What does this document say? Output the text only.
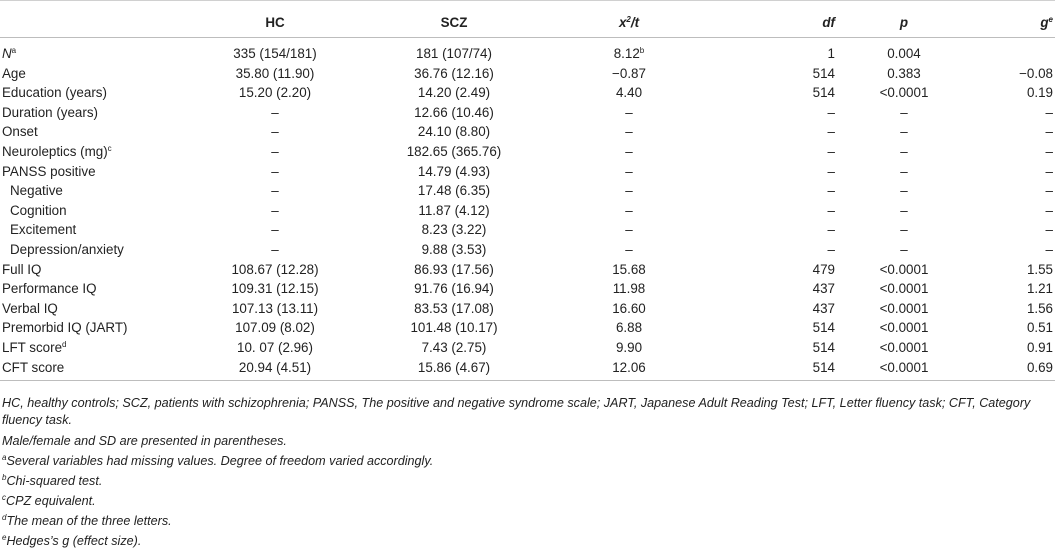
	HC	SCZ	$x^2/t$	df	p	$g^e$
$N^a$	335 (154/181)	181 (107/74)	8.12$^b$	1	0.004	
Age	35.80 (11.90)	36.76 (12.16)	−0.87	514	0.383	−0.08
Education (years)	15.20 (2.20)	14.20 (2.49)	4.40	514	<0.0001	0.19
Duration (years)	–	12.66 (10.46)	–	–	–	–
Onset	–	24.10 (8.80)	–	–	–	–
Neuroleptics (mg)$^c$	–	182.65 (365.76)	–	–	–	–
PANSS positive	–	14.79 (4.93)	–	–	–	–
Negative	–	17.48 (6.35)	–	–	–	–
Cognition	–	11.87 (4.12)	–	–	–	–
Excitement	–	8.23 (3.22)	–	–	–	–
Depression/anxiety	–	9.88 (3.53)	–	–	–	–
Full IQ	108.67 (12.28)	86.93 (17.56)	15.68	479	<0.0001	1.55
Performance IQ	109.31 (12.15)	91.76 (16.94)	11.98	437	<0.0001	1.21
Verbal IQ	107.13 (13.11)	83.53 (17.08)	16.60	437	<0.0001	1.56
Premorbid IQ (JART)	107.09 (8.02)	101.48 (10.17)	6.88	514	<0.0001	0.51
LFT score$^d$	10. 07 (2.96)	7.43 (2.75)	9.90	514	<0.0001	0.91
CFT score	20.94 (4.51)	15.86 (4.67)	12.06	514	<0.0001	0.69

HC, healthy controls; SCZ, patients with schizophrenia; PANSS, The positive and negative syndrome scale; JART, Japanese Adult Reading Test; LFT, Letter fluency task; CFT, Category fluency task.

Male/female and SD are presented in parentheses.

$^a$Several variables had missing values. Degree of freedom varied accordingly.

$^b$Chi-squared test.

$^c$CPZ equivalent.

$^d$The mean of the three letters.

$^e$Hedges’s g (effect size).
